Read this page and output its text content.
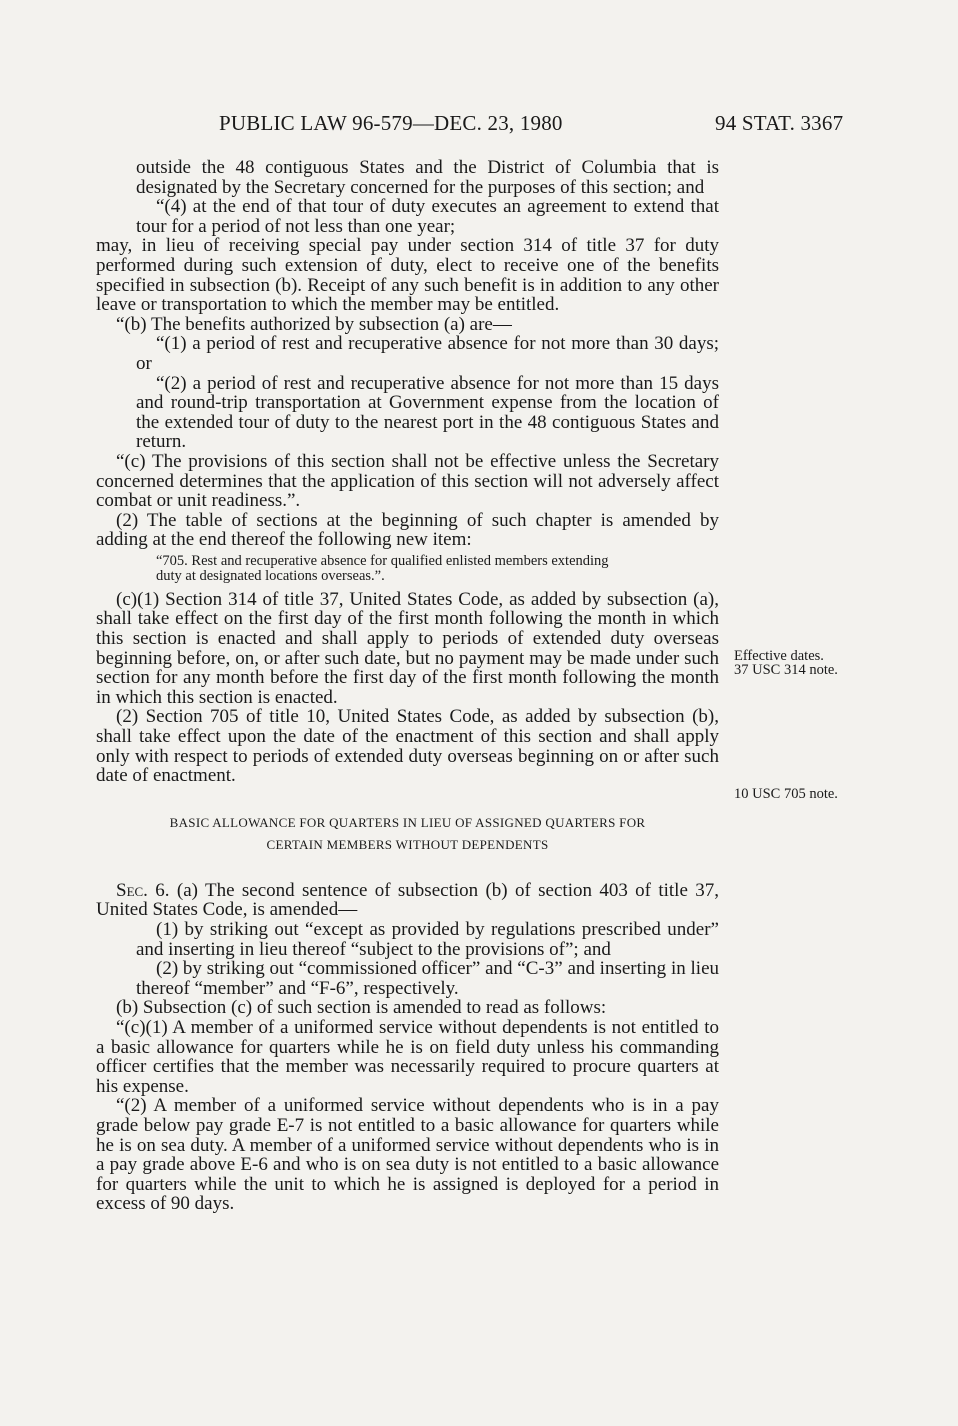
PUBLIC LAW 96-579—DEC. 23, 1980	94 STAT. 3367

outside the 48 contiguous States and the District of Columbia that is designated by the Secretary concerned for the purposes of this section; and

“(4) at the end of that tour of duty executes an agreement to extend that tour for a period of not less than one year;

may, in lieu of receiving special pay under section 314 of title 37 for duty performed during such extension of duty, elect to receive one of the benefits specified in subsection (b). Receipt of any such benefit is in addition to any other leave or transportation to which the member may be entitled.

“(b) The benefits authorized by subsection (a) are—

“(1) a period of rest and recuperative absence for not more than 30 days; or

“(2) a period of rest and recuperative absence for not more than 15 days and round-trip transportation at Government expense from the location of the extended tour of duty to the nearest port in the 48 contiguous States and return.

“(c) The provisions of this section shall not be effective unless the Secretary concerned determines that the application of this section will not adversely affect combat or unit readiness.”.

(2) The table of sections at the beginning of such chapter is amended by adding at the end thereof the following new item:

“705. Rest and recuperative absence for qualified enlisted members extending
duty at designated locations overseas.”.

(c)(1) Section 314 of title 37, United States Code, as added by subsection (a), shall take effect on the first day of the first month following the month in which this section is enacted and shall apply to periods of extended duty overseas beginning before, on, or after such date, but no payment may be made under such section for any month before the first day of the first month following the month in which this section is enacted.

(2) Section 705 of title 10, United States Code, as added by subsection (b), shall take effect upon the date of the enactment of this section and shall apply only with respect to periods of extended duty overseas beginning on or after such date of enactment.

BASIC ALLOWANCE FOR QUARTERS IN LIEU OF ASSIGNED QUARTERS FOR
CERTAIN MEMBERS WITHOUT DEPENDENTS

Sec. 6. (a) The second sentence of subsection (b) of section 403 of title 37, United States Code, is amended—

(1) by striking out “except as provided by regulations prescribed under” and inserting in lieu thereof “subject to the provisions of”; and

(2) by striking out “commissioned officer” and “C-3” and inserting in lieu thereof “member” and “F-6”, respectively.

(b) Subsection (c) of such section is amended to read as follows:

“(c)(1) A member of a uniformed service without dependents is not entitled to a basic allowance for quarters while he is on field duty unless his commanding officer certifies that the member was necessarily required to procure quarters at his expense.

“(2) A member of a uniformed service without dependents who is in a pay grade below pay grade E-7 is not entitled to a basic allowance for quarters while he is on sea duty. A member of a uniformed service without dependents who is in a pay grade above E-6 and who is on sea duty is not entitled to a basic allowance for quarters while the unit to which he is assigned is deployed for a period in excess of 90 days.

Effective dates.
37 USC 314 note.
10 USC 705 note.
